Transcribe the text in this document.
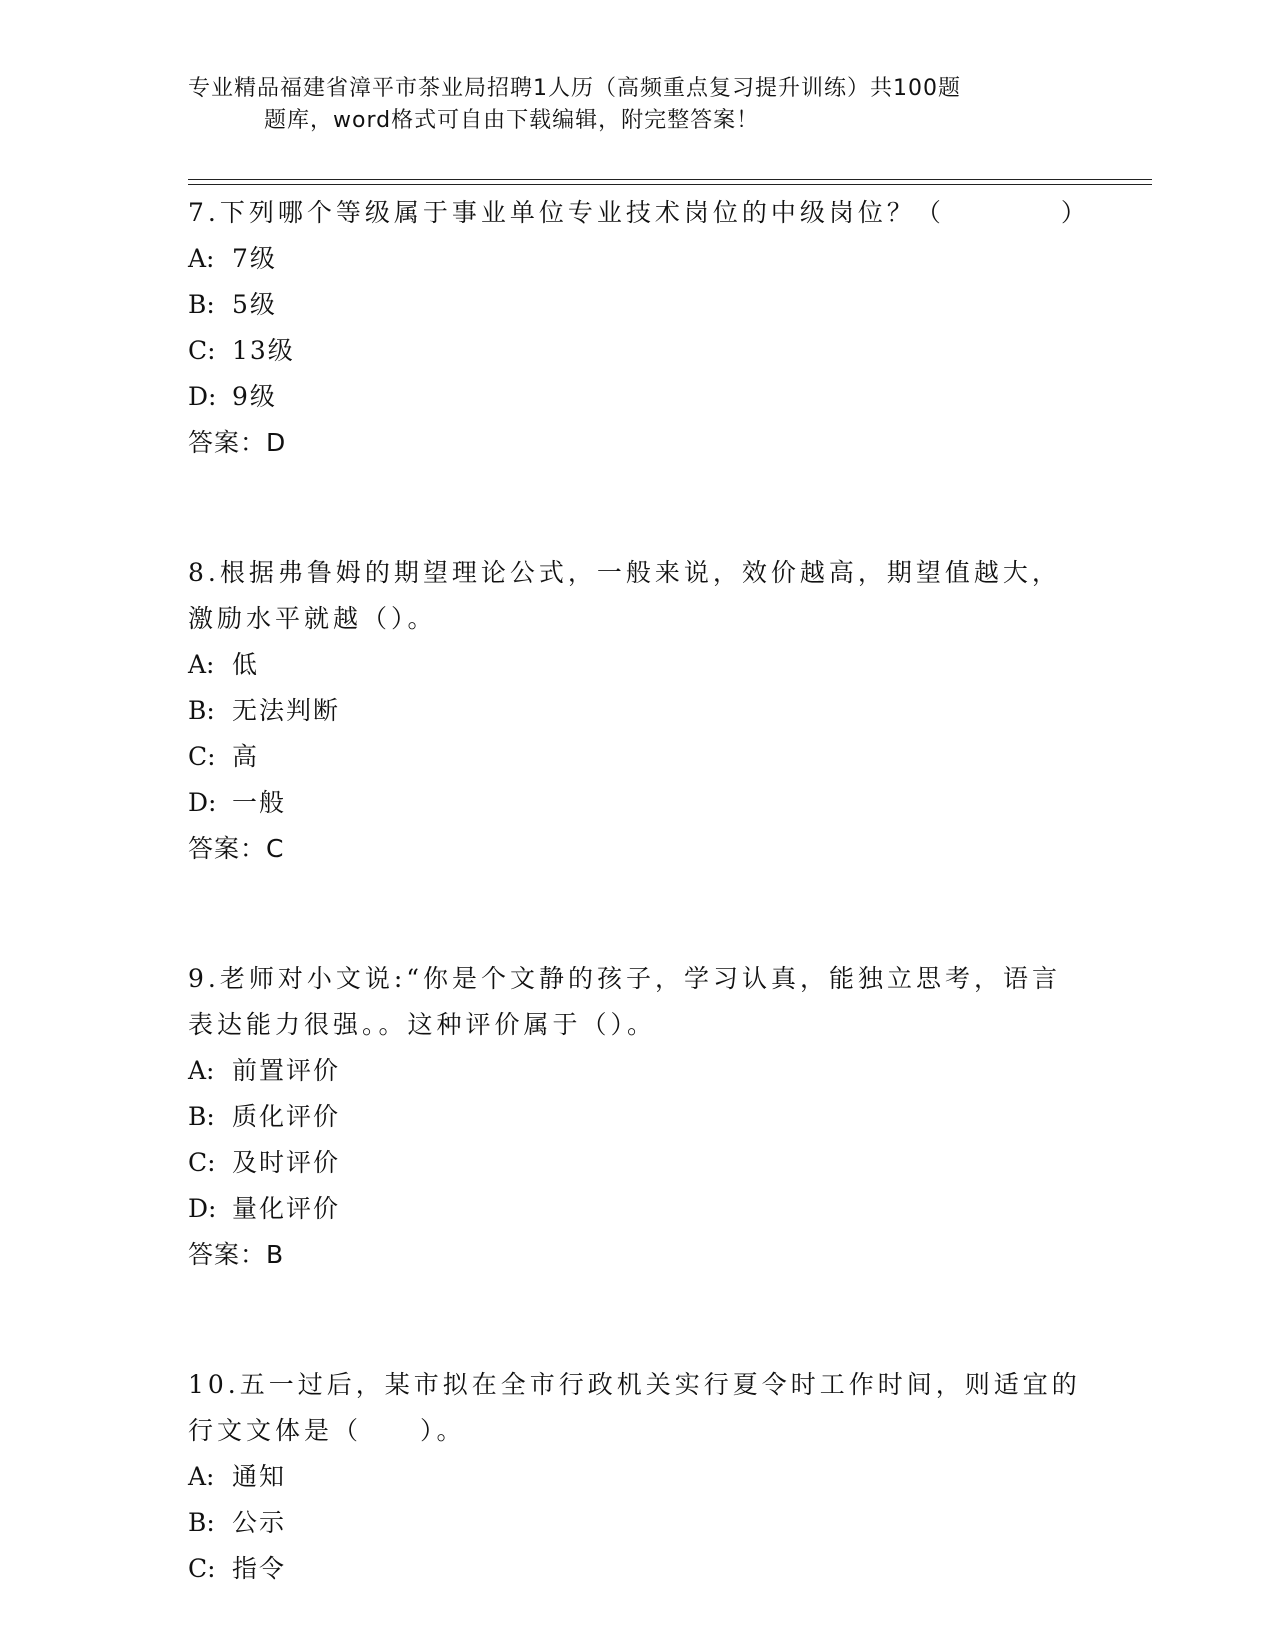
专业精品福建省漳平市茶业局招聘1人历（高频重点复习提升训练）共100题
题库，word格式可自由下载编辑，附完整答案！

7.下列哪个等级属于事业单位专业技术岗位的中级岗位？（　　　　）

A: 7级

B: 5级

C: 13级

D: 9级

答案：D

8.根据弗鲁姆的期望理论公式，一般来说，效价越高，期望值越大，激励水平就越（）。

A: 低

B: 无法判断

C: 高

D: 一般

答案：C

9.老师对小文说:“你是个文静的孩子，学习认真，能独立思考，语言表达能力很强。。这种评价属于（）。

A: 前置评价

B: 质化评价

C: 及时评价

D: 量化评价

答案：B

10.五一过后，某市拟在全市行政机关实行夏令时工作时间，则适宜的行文文体是（　　）。

A: 通知

B: 公示

C: 指令
